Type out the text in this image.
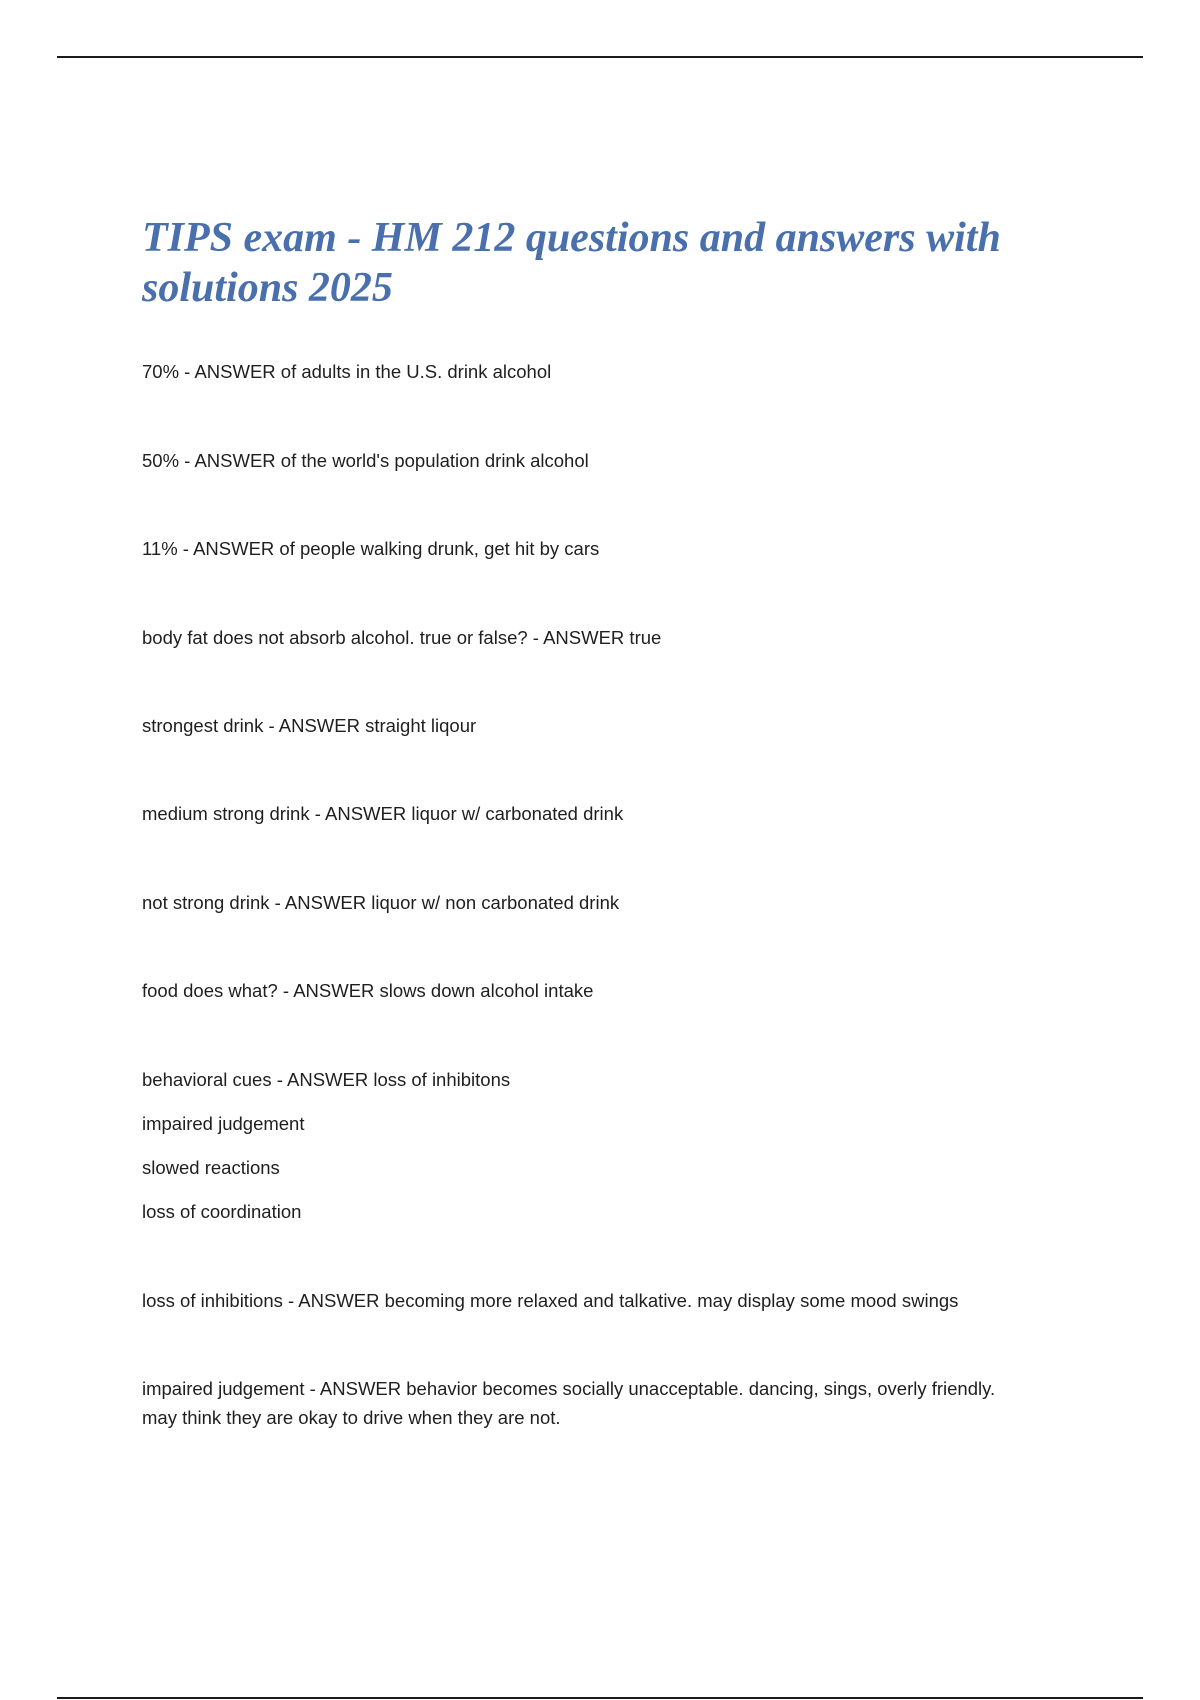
TIPS exam - HM 212 questions and answers with solutions 2025

70% - ANSWER of adults in the U.S. drink alcohol

50% - ANSWER of the world's population drink alcohol

11% - ANSWER of people walking drunk, get hit by cars

body fat does not absorb alcohol. true or false? - ANSWER true

strongest drink - ANSWER straight liqour

medium strong drink - ANSWER liquor w/ carbonated drink

not strong drink - ANSWER liquor w/ non carbonated drink

food does what? - ANSWER slows down alcohol intake

behavioral cues - ANSWER loss of inhibitons

impaired judgement

slowed reactions

loss of coordination

loss of inhibitions - ANSWER becoming more relaxed and talkative. may display some mood swings

impaired judgement - ANSWER behavior becomes socially unacceptable. dancing, sings, overly friendly.
may think they are okay to drive when they are not.
